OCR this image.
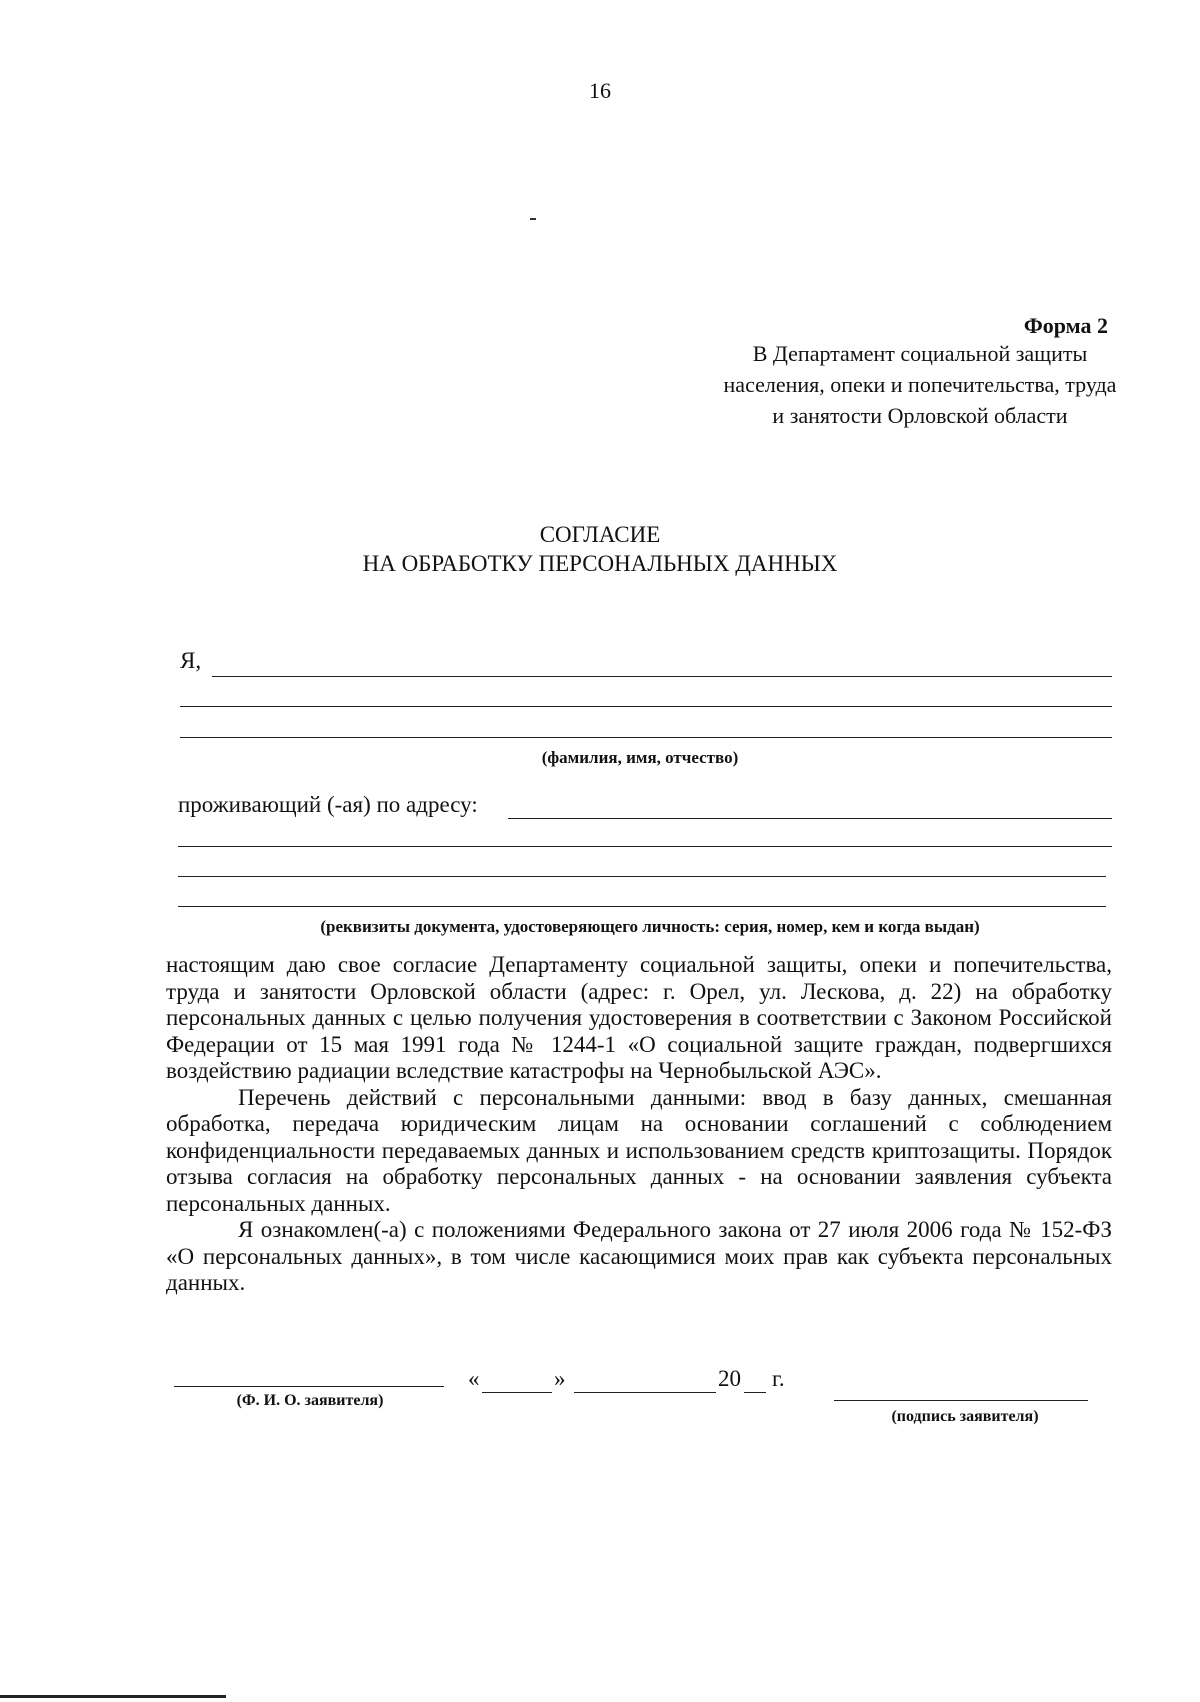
16
Форма 2
В Департамент социальной защиты
населения, опеки и попечительства, труда
и занятости Орловской области
СОГЛАСИЕ
НА ОБРАБОТКУ ПЕРСОНАЛЬНЫХ ДАННЫХ
Я,
(фамилия, имя, отчество)
проживающий (-ая) по адресу:
(реквизиты документа, удостоверяющего личность: серия, номер, кем и когда выдан)

настоящим даю свое согласие Департаменту социальной защиты, опеки и попечительства, труда и занятости Орловской области (адрес: г. Орел, ул. Лескова, д. 22) на обработку персональных данных с целью получения удостоверения в соответствии с Законом Российской Федерации от 15 мая 1991 года № 1244-1 «О социальной защите граждан, подвергшихся воздействию радиации вследствие катастрофы на Чернобыльской АЭС».

Перечень действий с персональными данными: ввод в базу данных, смешанная обработка, передача юридическим лицам на основании соглашений с соблюдением конфиденциальности передаваемых данных и использованием средств криптозащиты. Порядок отзыва согласия на обработку персональных данных - на основании заявления субъекта персональных данных.

Я ознакомлен(-а) с положениями Федерального закона от 27 июля 2006 года № 152-ФЗ «О персональных данных», в том числе касающимися моих прав как субъекта персональных данных.

(Ф. И. О. заявителя)
«	»	20 г.
(подпись заявителя)
